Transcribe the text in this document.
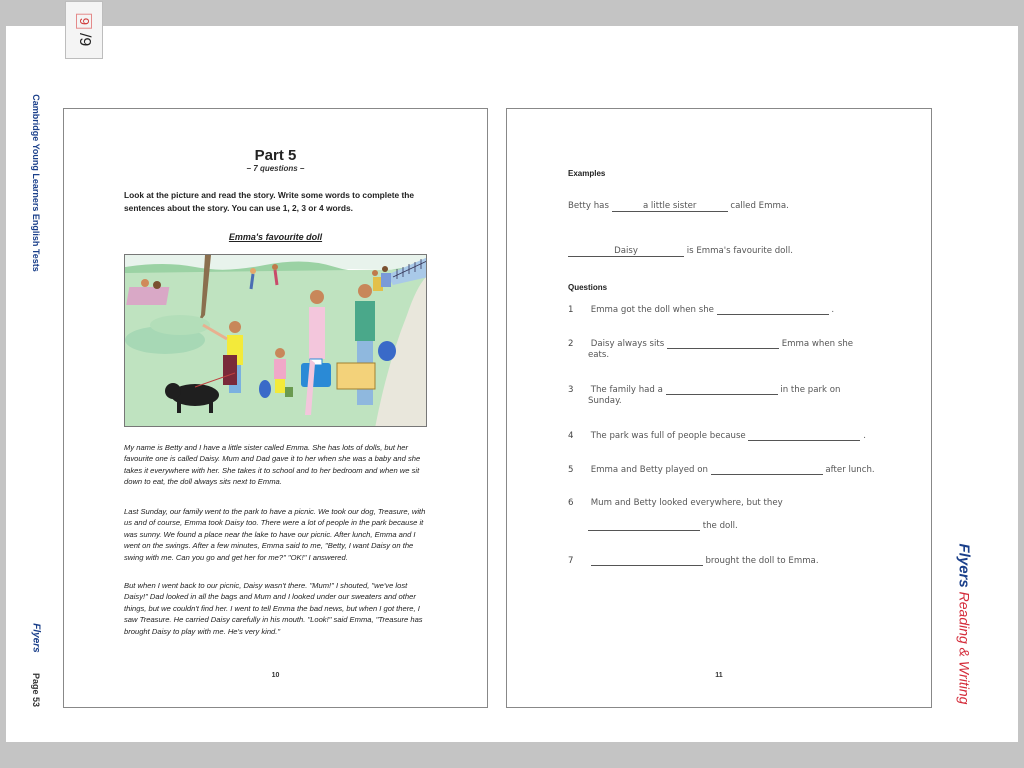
9
/9
Cambridge Young Learners English Tests
Flyers
Page 53
Flyers Reading & Writing
Part 5
– 7 questions –
Look at the picture and read the story. Write some words to complete the sentences about the story. You can use 1, 2, 3 or 4 words.
Emma's favourite doll
My name is Betty and I have a little sister called Emma. She has lots of dolls, but her favourite one is called Daisy. Mum and Dad gave it to her when she was a baby and she takes it everywhere with her. She takes it to school and to her bedroom and when we sit down to eat, the doll always sits next to Emma.
Last Sunday, our family went to the park to have a picnic. We took our dog, Treasure, with us and of course, Emma took Daisy too. There were a lot of people in the park because it was sunny. We found a place near the lake to have our picnic. After lunch, Emma and I went on the swings. After a few minutes, Emma said to me, "Betty, I want Daisy on the swing with me. Can you go and get her for me?" "OK!" I answered.
But when I went back to our picnic, Daisy wasn't there. "Mum!" I shouted, "we've lost Daisy!" Dad looked in all the bags and Mum and I looked under our sweaters and other things, but we couldn't find her. I went to tell Emma the bad news, but when I got there, I saw Treasure. He carried Daisy carefully in his mouth. "Look!" said Emma, "Treasure has brought Daisy to play with me. He's very kind."
10
Examples
Betty has	a little sister	called Emma.
Daisy	is Emma's favourite doll.
Questions
1 Emma got the doll when she	.
2 Daisy always sits	Emma when she
eats.
3 The family had a	in the park on
Sunday.
4 The park was full of people because	.
5 Emma and Betty played on	after lunch.
6 Mum and Betty looked everywhere, but they
the doll.
7	brought the doll to Emma.
11
